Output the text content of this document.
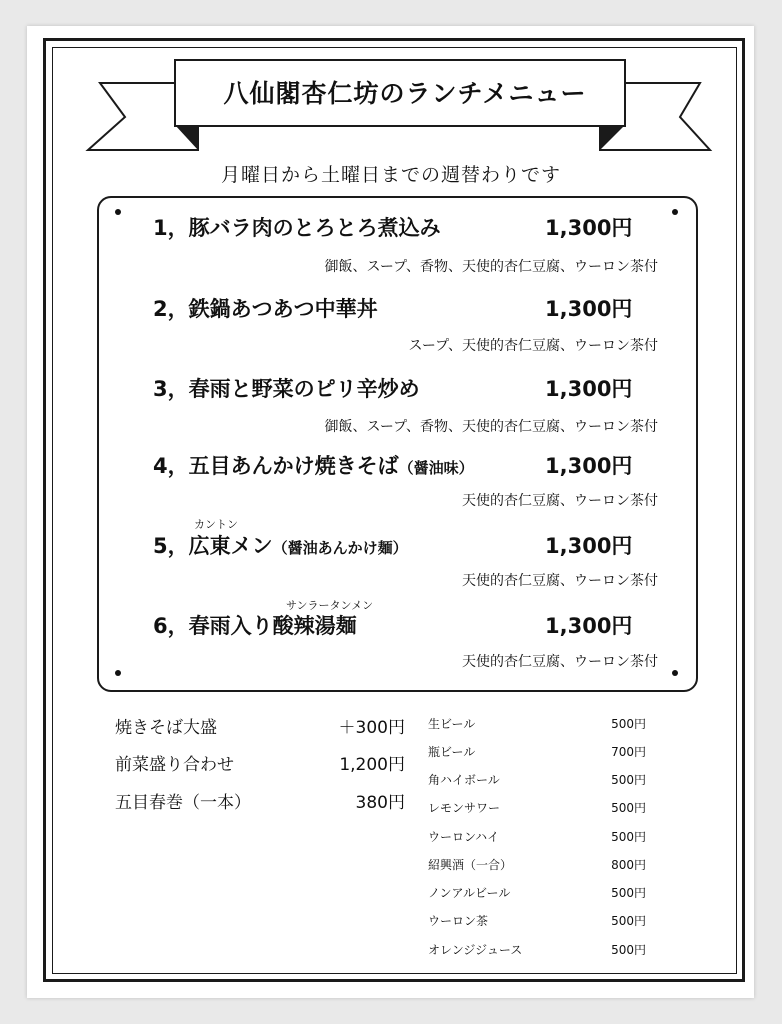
八仙閣杏仁坊のランチメニュー
月曜日から土曜日までの週替わりです
1，豚バラ肉のとろとろ煮込み	1,300円
御飯、スープ、香物、天使的杏仁豆腐、ウーロン茶付
2，鉄鍋あつあつ中華丼	1,300円
スープ、天使的杏仁豆腐、ウーロン茶付
3，春雨と野菜のピリ辛炒め	1,300円
御飯、スープ、香物、天使的杏仁豆腐、ウーロン茶付
4，五目あんかけ焼きそば（醤油味）	1,300円
天使的杏仁豆腐、ウーロン茶付
カントン
5，広東メン（醤油あんかけ麺）	1,300円
天使的杏仁豆腐、ウーロン茶付
サンラータンメン
6，春雨入り酸辣湯麺	1,300円
天使的杏仁豆腐、ウーロン茶付
焼きそば大盛	＋300円
前菜盛り合わせ	1,200円
五目春巻（一本）	380円
生ビール	500円
瓶ビール	700円
角ハイボール	500円
レモンサワー	500円
ウーロンハイ	500円
紹興酒（一合）	800円
ノンアルビール	500円
ウーロン茶	500円
オレンジジュース	500円
